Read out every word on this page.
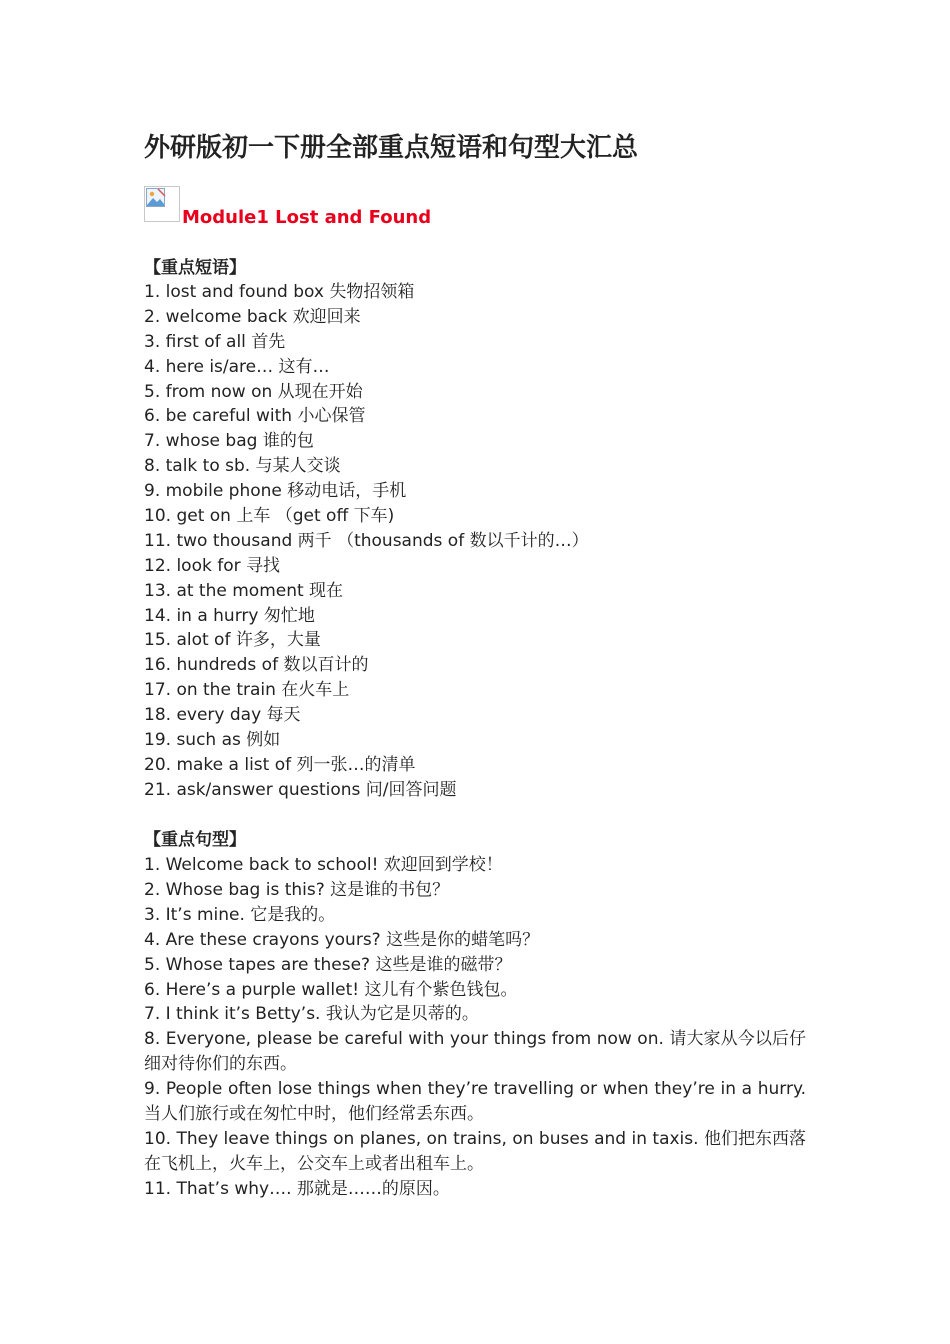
外研版初一下册全部重点短语和句型大汇总
Module1 Lost and Found
【重点短语】
1. lost and found box 失物招领箱
2. welcome back 欢迎回来
3. first of all 首先
4. here is/are… 这有…
5. from now on 从现在开始
6. be careful with 小心保管
7. whose bag 谁的包
8. talk to sb. 与某人交谈
9. mobile phone 移动电话，手机
10. get on 上车 （get off 下车)
11. two thousand 两千 （thousands of 数以千计的…）
12. look for 寻找
13. at the moment 现在
14. in a hurry 匆忙地
15. alot of 许多，大量
16. hundreds of 数以百计的
17. on the train 在火车上
18. every day 每天
19. such as 例如
20. make a list of 列一张…的清单
21. ask/answer questions 问/回答问题
【重点句型】
1. Welcome back to school! 欢迎回到学校！
2. Whose bag is this? 这是谁的书包？
3. It’s mine. 它是我的。
4. Are these crayons yours? 这些是你的蜡笔吗？
5. Whose tapes are these? 这些是谁的磁带？
6. Here’s a purple wallet! 这儿有个紫色钱包。
7. I think it’s Betty’s. 我认为它是贝蒂的。
8. Everyone, please be careful with your things from now on. 请大家从今以后仔细对待你们的东西。
9. People often lose things when they’re travelling or when they’re in a hurry. 当人们旅行或在匆忙中时，他们经常丢东西。
10. They leave things on planes, on trains, on buses and in taxis. 他们把东西落在飞机上，火车上，公交车上或者出租车上。
11. That’s why…. 那就是……的原因。
